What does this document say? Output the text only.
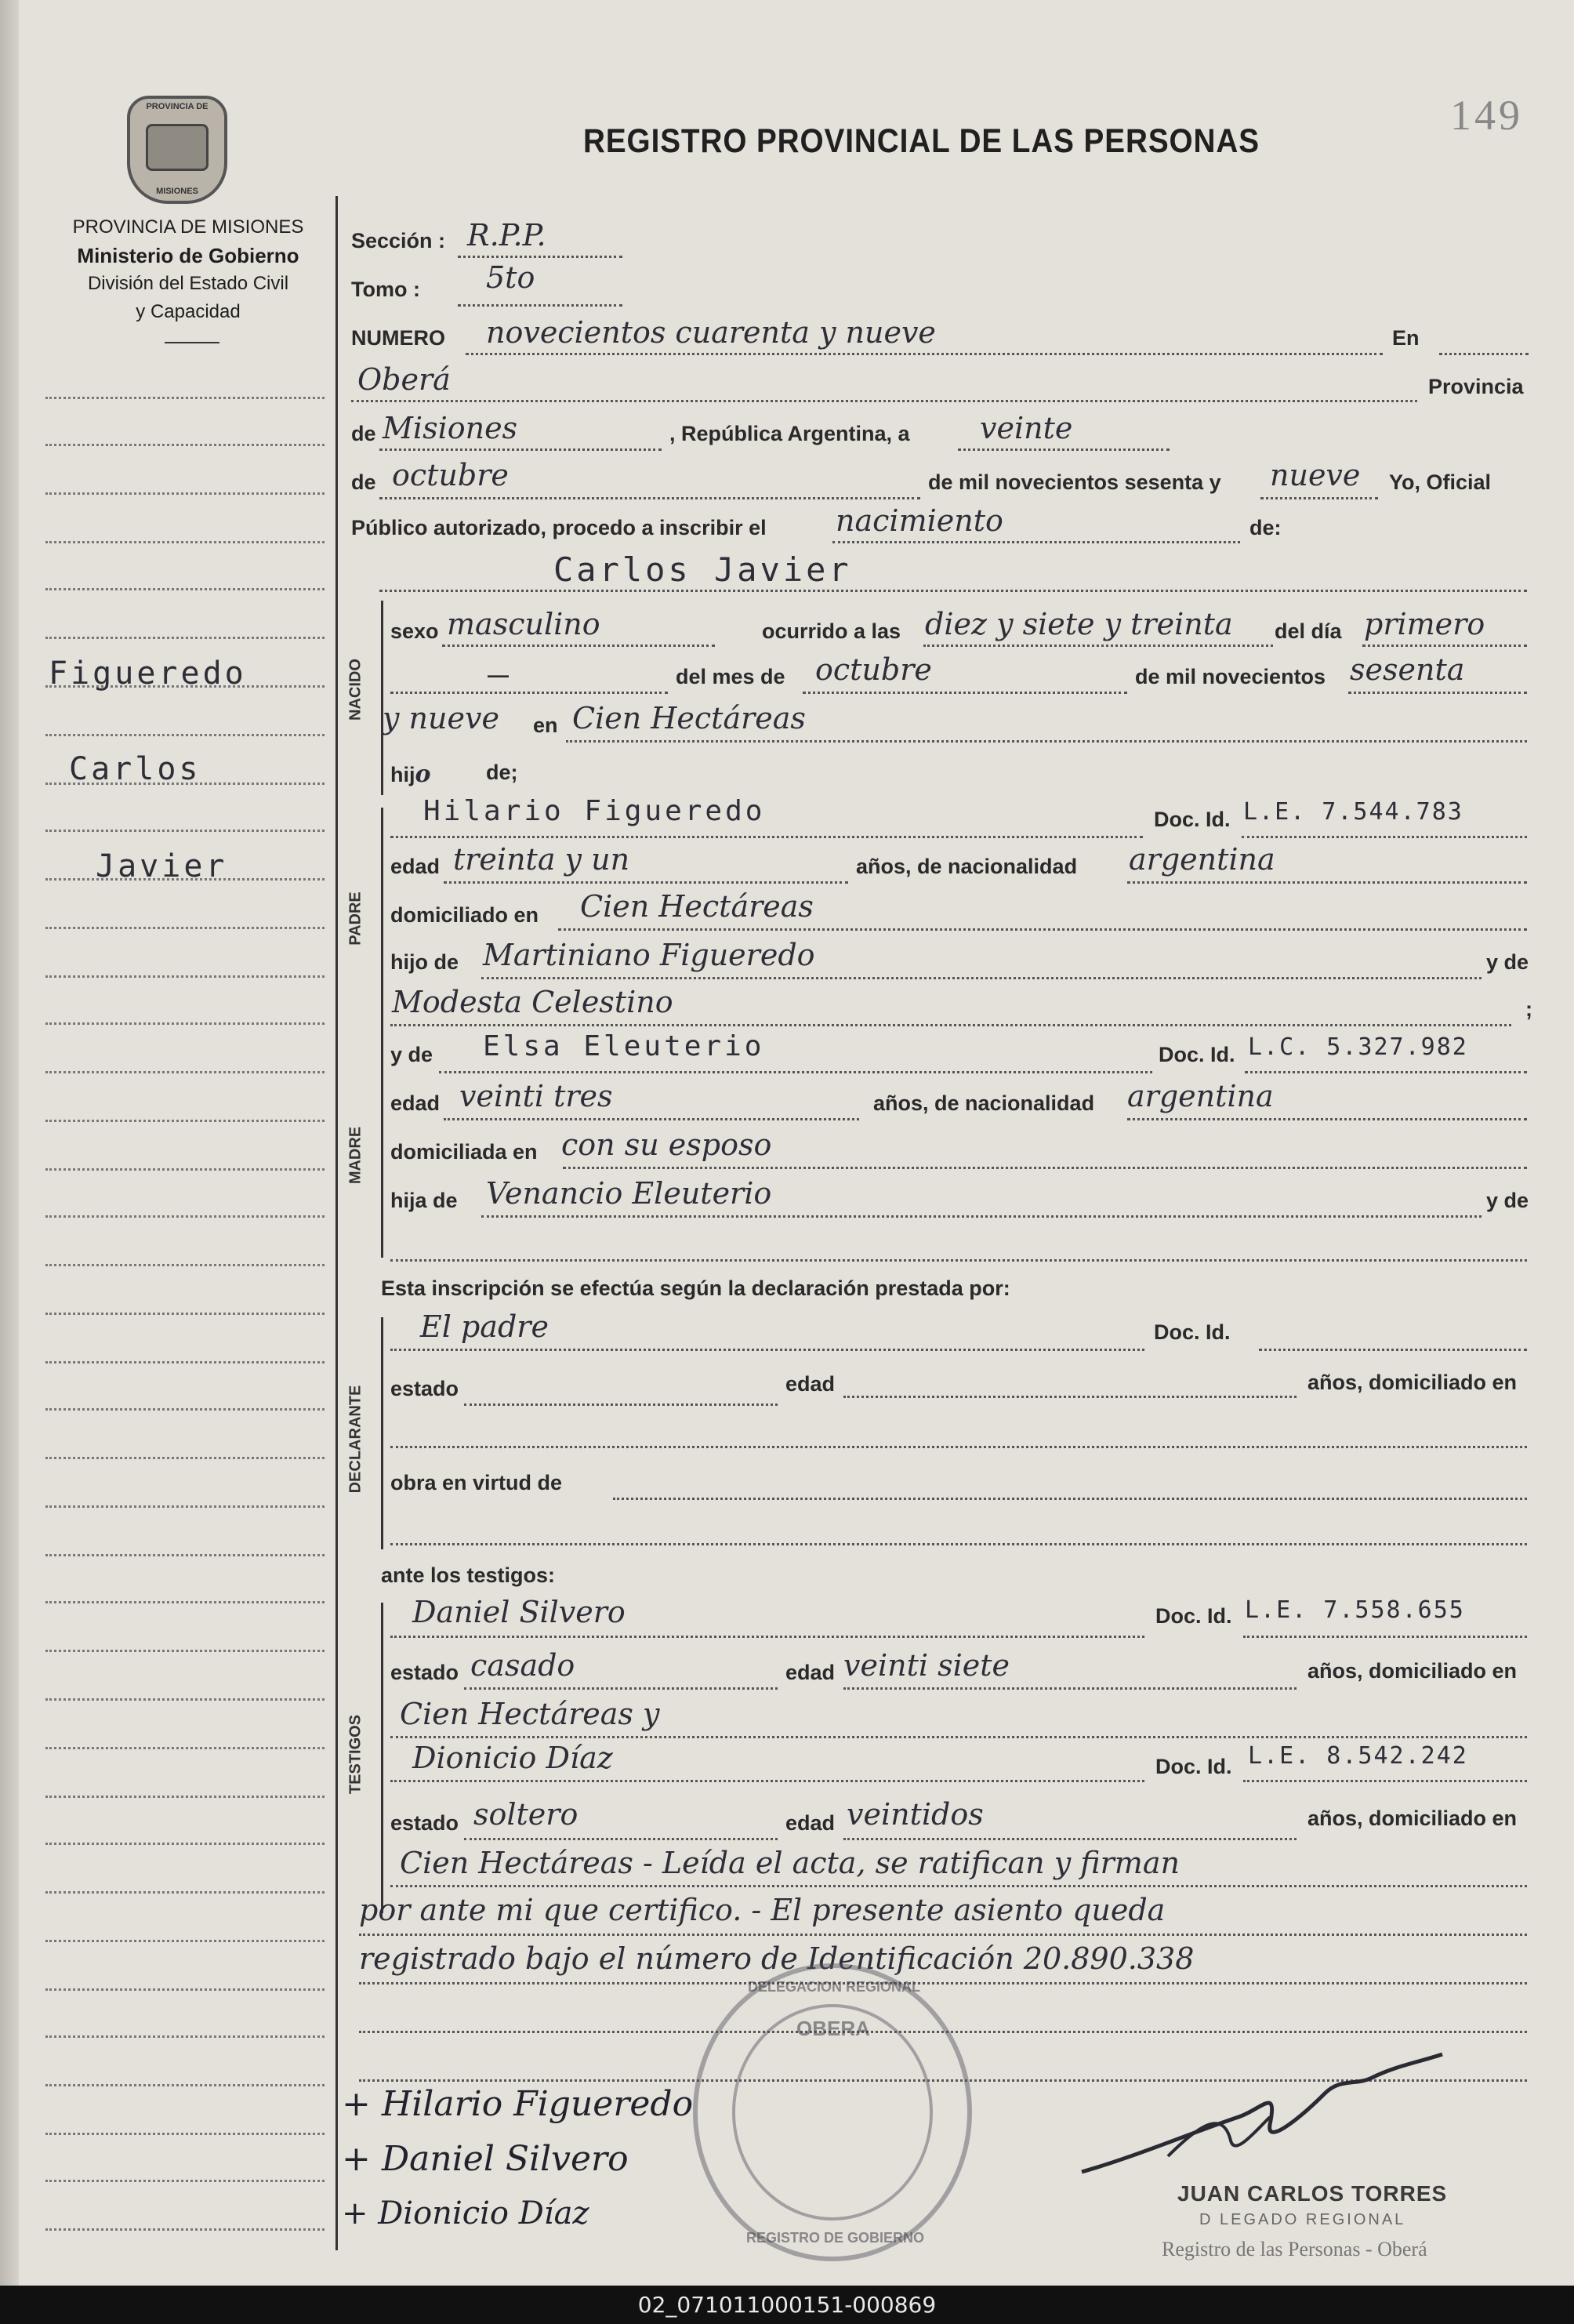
PROVINCIA DE
MISIONES
REGISTRO PROVINCIAL DE LAS PERSONAS
149
PROVINCIA DE MISIONES
Ministerio de Gobierno
División del Estado Civil
y Capacidad
Figueredo
Carlos
Javier
Sección : R.P.P.
Tomo : 5to
NUMERO novecientos cuarenta y nueve	En
Oberá	Provincia
de Misiones	, República Argentina, a veinte
de octubre	de mil novecientos sesenta y nueve Yo, Oficial
Público autorizado, procedo a inscribir el nacimiento	de:
Carlos Javier
NACIDO
sexo masculino	ocurrido a las diez y siete y treinta del día primero
—	del mes de octubre	de mil novecientos sesenta
y nueve en Cien Hectáreas
hijo	de;
PADRE
Hilario Figueredo	Doc. Id. L.E. 7.544.783
edad treinta y un	años, de nacionalidad argentina
domiciliado en Cien Hectáreas
hijo de Martiniano Figueredo	y de
Modesta Celestino	;
MADRE
y de Elsa Eleuterio	Doc. Id. L.C. 5.327.982
edad veinti tres	años, de nacionalidad argentina
domiciliada en con su esposo
hija de Venancio Eleuterio	y de
Esta inscripción se efectúa según la declaración prestada por:
DECLARANTE
El padre	Doc. Id.
estado	edad	años, domiciliado en
obra en virtud de
ante los testigos:
TESTIGOS
Daniel Silvero	Doc. Id. L.E. 7.558.655
estado casado	edad veinti siete	años, domiciliado en
Cien Hectáreas y
Dionicio Díaz	Doc. Id. L.E. 8.542.242
estado soltero	edad veintidos	años, domiciliado en
Cien Hectáreas - Leída el acta, se ratifican y firman
por ante mi que certifico. - El presente asiento queda
registrado bajo el número de Identificación 20.890.338
OBERA
DELEGACION REGIONAL
REGISTRO DE GOBIERNO
+ Hilario Figueredo
+ Daniel Silvero
+ Dionicio Díaz
JUAN CARLOS TORRES
D LEGADO REGIONAL
Registro de las Personas - Oberá
02_071011000151-000869
